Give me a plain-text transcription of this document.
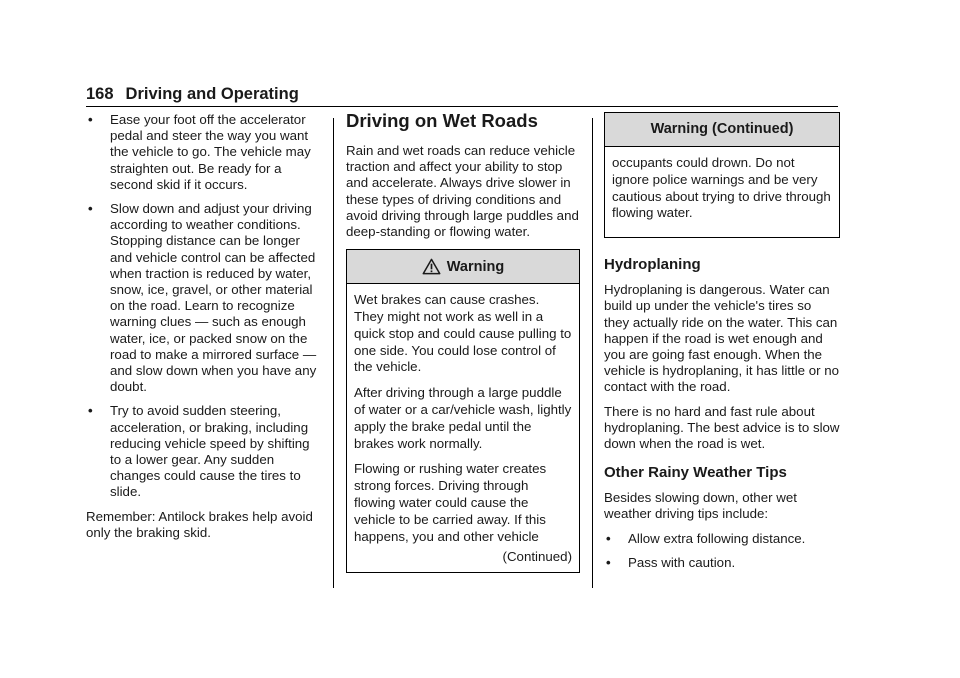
168 Driving and Operating
• Ease your foot off the accelerator pedal and steer the way you want the vehicle to go. The vehicle may straighten out. Be ready for a second skid if it occurs.
• Slow down and adjust your driving according to weather conditions. Stopping distance can be longer and vehicle control can be affected when traction is reduced by water, snow, ice, gravel, or other material on the road. Learn to recognize warning clues — such as enough water, ice, or packed snow on the road to make a mirrored surface — and slow down when you have any doubt.
• Try to avoid sudden steering, acceleration, or braking, including reducing vehicle speed by shifting to a lower gear. Any sudden changes could cause the tires to slide.

Remember: Antilock brakes help avoid only the braking skid.

Driving on Wet Roads

Rain and wet roads can reduce vehicle traction and affect your ability to stop and accelerate. Always drive slower in these types of driving conditions and avoid driving through large puddles and deep-standing or flowing water.

Warning

Wet brakes can cause crashes. They might not work as well in a quick stop and could cause pulling to one side. You could lose control of the vehicle.

After driving through a large puddle of water or a car/vehicle wash, lightly apply the brake pedal until the brakes work normally.

Flowing or rushing water creates strong forces. Driving through flowing water could cause the vehicle to be carried away. If this happens, you and other vehicle

(Continued)
Warning (Continued)

occupants could drown. Do not ignore police warnings and be very cautious about trying to drive through flowing water.

Hydroplaning

Hydroplaning is dangerous. Water can build up under the vehicle's tires so they actually ride on the water. This can happen if the road is wet enough and you are going fast enough. When the vehicle is hydroplaning, it has little or no contact with the road.

There is no hard and fast rule about hydroplaning. The best advice is to slow down when the road is wet.

Other Rainy Weather Tips

Besides slowing down, other wet weather driving tips include:

• Allow extra following distance.
• Pass with caution.
